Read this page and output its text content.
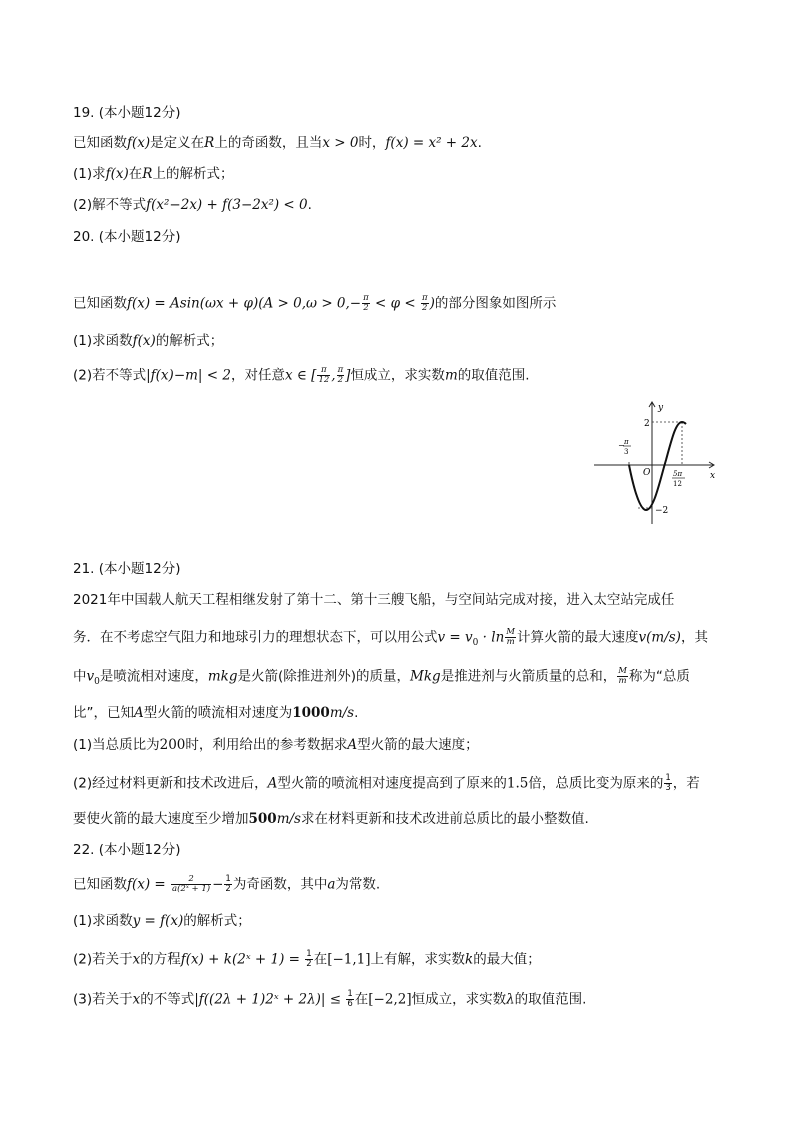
19. (本小题12分)
已知函数f(x)是定义在R上的奇函数，且当x > 0时，f(x) = x² + 2x.
(1)求f(x)在R上的解析式；
(2)解不等式f(x²−2x) + f(3−2x²) < 0.
20. (本小题12分)
已知函数$f(x) = Asin(\omega x + \varphi)(A > 0,\omega > 0,- \frac{\pi}{2} < \varphi < \frac{\pi}{2}$ )的部分图象如图所示
(1)求函数f(x)的解析式；
(2)若不等式|f(x)−m| < 2，对任意x ∈ [ $\frac{\pi}{12}$ , $\frac{\pi}{2}$ ]恒成立，求实数m的取值范围.
y
x
O
2
−2
− π
3
5π
12
21. (本小题12分)
2021年中国载人航天工程相继发射了第十二、第十三艘飞船，与空间站完成对接，进入太空站完成任
务．在不考虑空气阻力和地球引力的理想状态下，可以用公式$v = v_0 \cdot \ln \frac{M}{m}$ 计算火箭的最大速度v(m/s)，其
中$v_0$是喷流相对速度，mkg是火箭(除推进剂外)的质量，Mkg是推进剂与火箭质量的总和， $\frac{M}{m}$ 称为“总质
比”，已知A型火箭的喷流相对速度为1000m/s.
(1)当总质比为200时，利用给出的参考数据求A型火箭的最大速度；
(2)经过材料更新和技术改进后，A型火箭的喷流相对速度提高到了原来的1.5倍，总质比变为原来的 $\frac{1}{3}$ ，若
要使火箭的最大速度至少增加500m/s求在材料更新和技术改进前总质比的最小整数值.
22. (本小题12分)
已知函数$f(x) = \frac{2}{\text{a(2ˣ + 1)}} - \frac{1}{2}$ 为奇函数，其中a为常数.
(1)求函数y = f(x)的解析式；
(2)若关于x的方程f(x) + k(2ˣ + $1) = \frac{1}{2}$ 在[−1,1]上有解，求实数k的最大值；
(3)若关于x的不等式|f((2λ + 1)2ˣ + $2\lambda)| \le \frac{1}{6}$ 在[−2,2]恒成立，求实数λ的取值范围.
